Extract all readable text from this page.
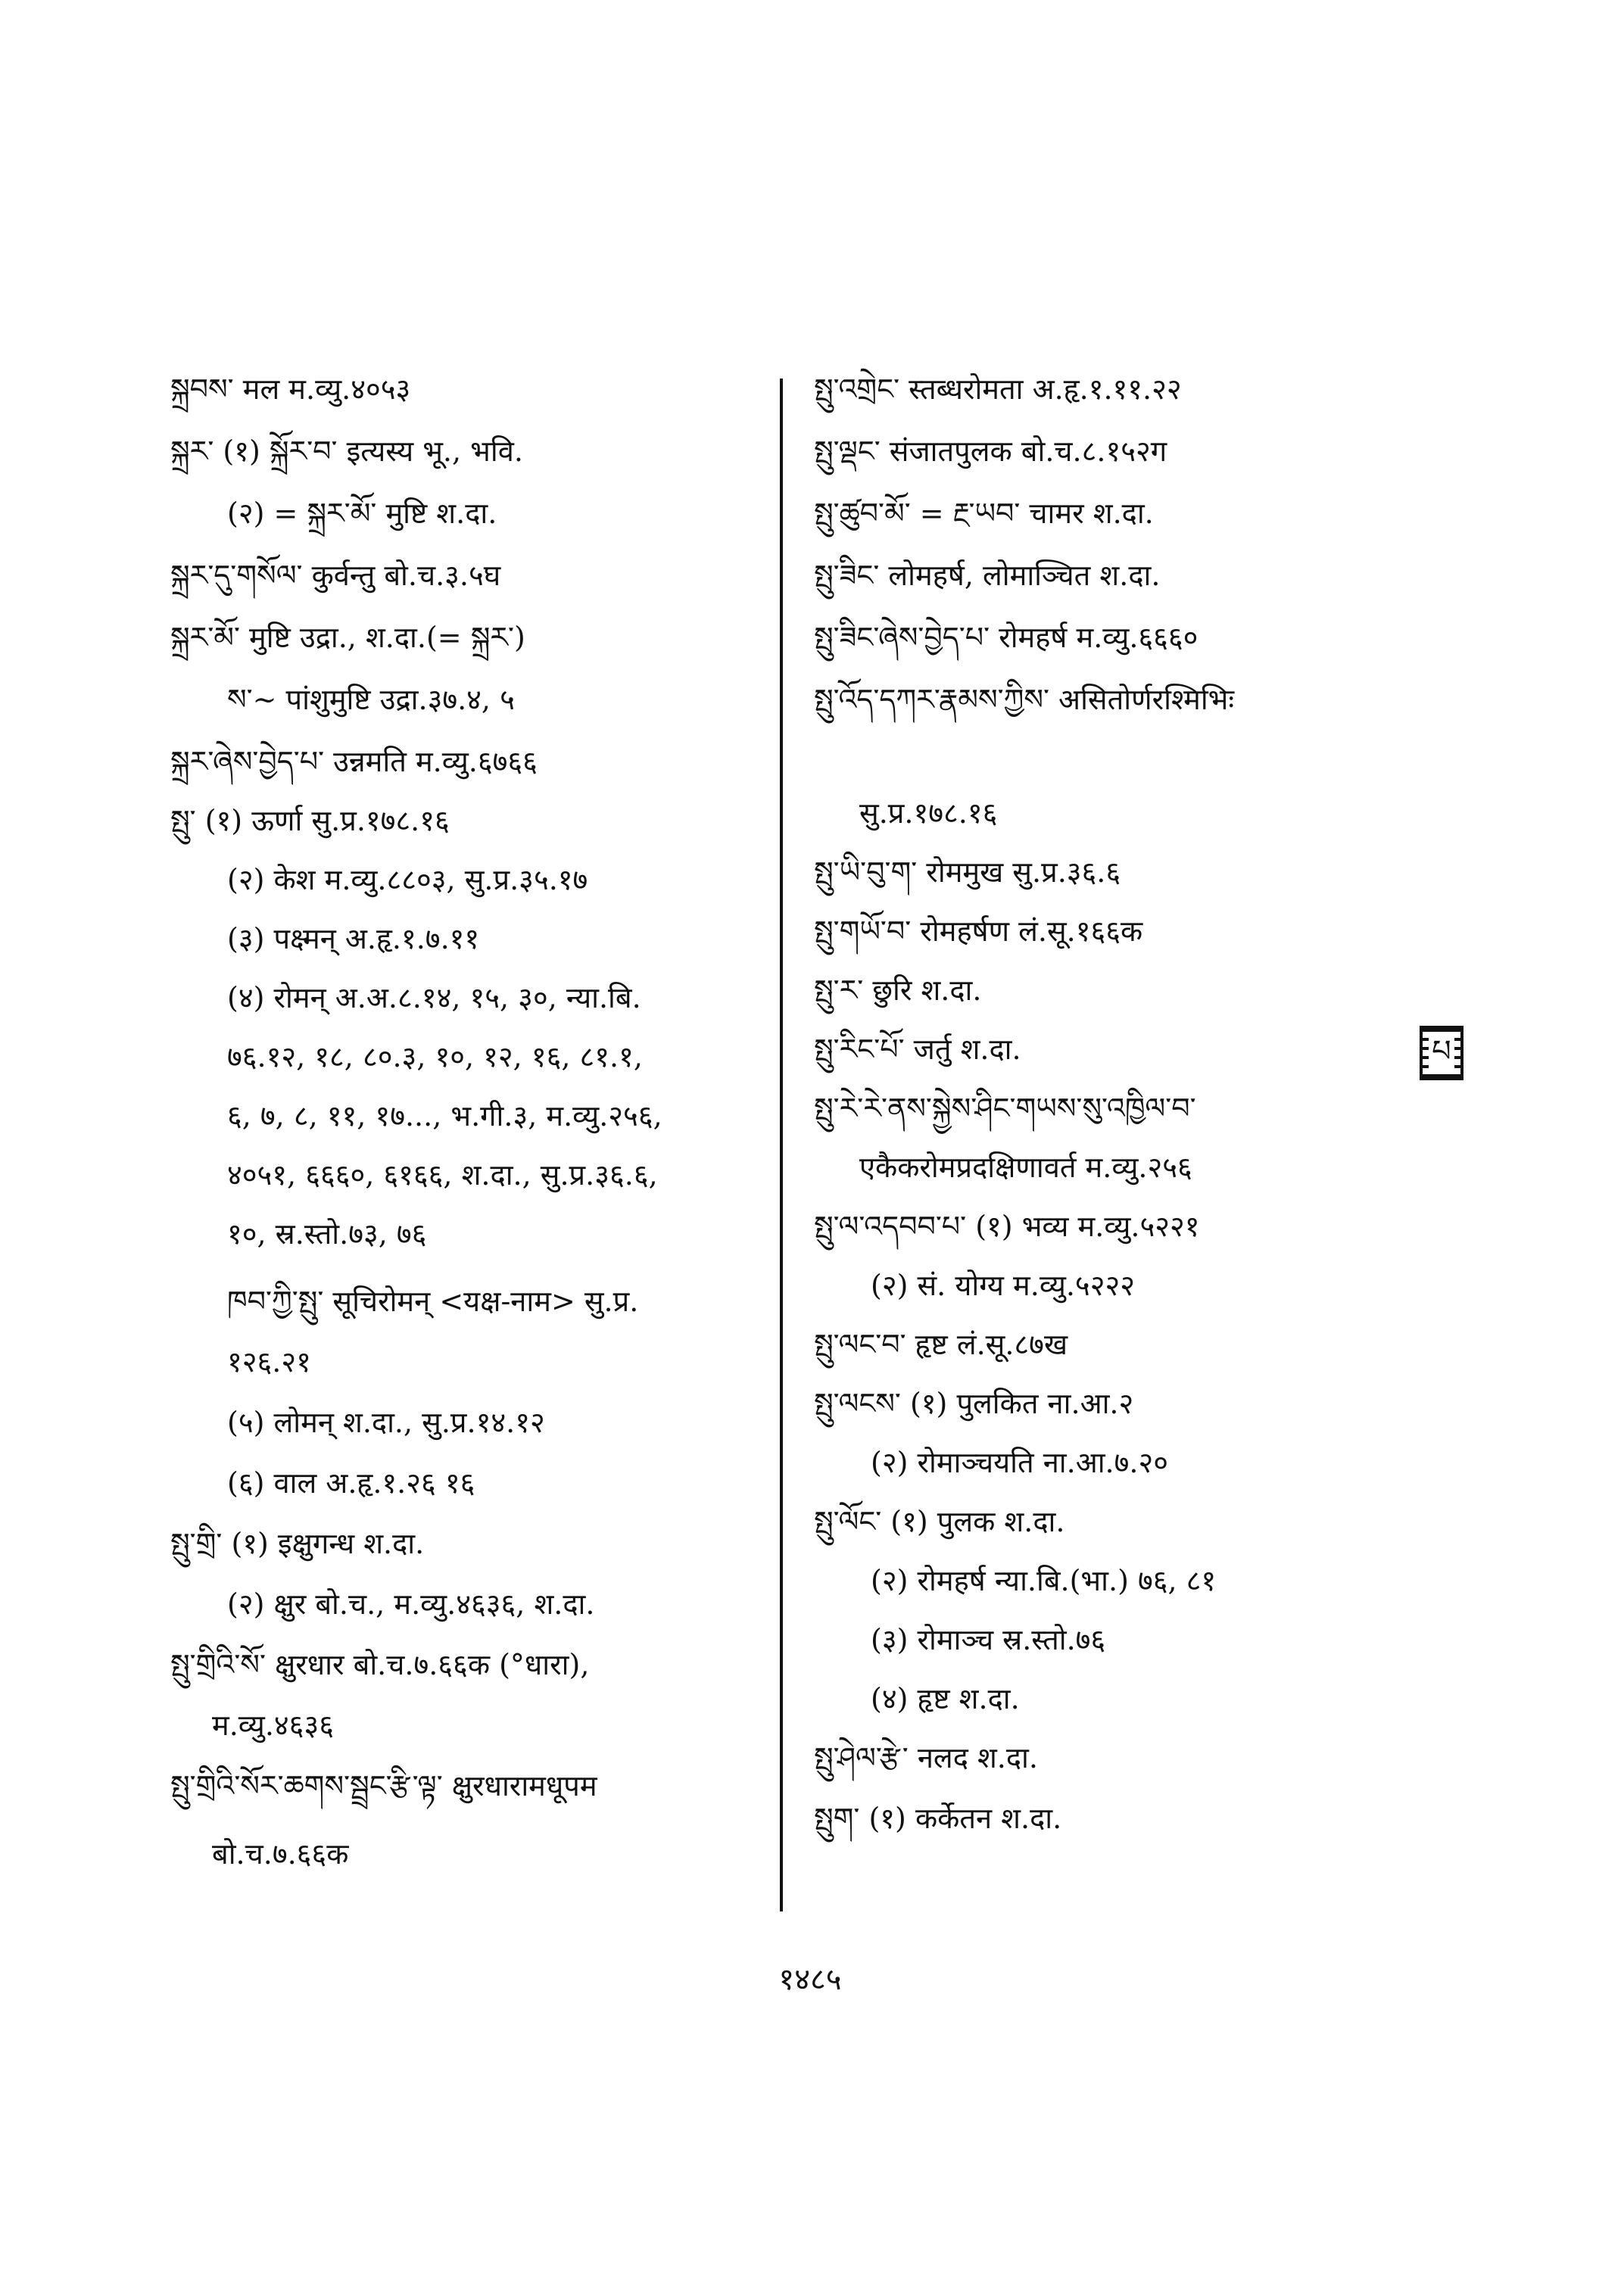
སྐྲབས་ मल म.व्यु.४०५३
སྐྲར་ (१) སྐྲོར་བ་ इत्यस्य भू., भवि.
(२) = སྐྲར་མོ་ मुष्टि श.दा.
སྐྲར་དུ་གསོལ་ कुर्वन्तु बो.च.३.५घ
སྐྲར་མོ་ मुष्टि उद्रा., श.दा.(= སྐྲར་)
ས་~ पांशुमुष्टि उद्रा.३७.४, ५
སྐྲར་ཞེས་བྱེད་པ་ उन्नमति म.व्यु.६७६६
སྤུ་ (१) ऊर्णा सु.प्र.१७८.१६
(२) केश म.व्यु.८८०३, सु.प्र.३५.१७
(३) पक्ष्मन् अ.हृ.१.७.११
(४) रोमन् अ.अ.८.१४, १५, ३०, न्या.बि.
७६.१२, १८, ८०.३, १०, १२, १६, ८१.१,
६, ७, ८, ११, १७..., भ.गी.३, म.व्यु.२५६,
४०५१, ६६६०, ६१६६, श.दा., सु.प्र.३६.६,
१०, स्र.स्तो.७३, ७६
ཁབ་ཀྱི་སྤུ་ सूचिरोमन् <यक्ष-नाम> सु.प्र.
१२६.२१
(५) लोमन् श.दा., सु.प्र.१४.१२
(६) वाल अ.हृ.१.२६ १६
སྤུ་གྲི་ (१) इक्षुगन्ध श.दा.
(२) क्षुर बो.च., म.व्यु.४६३६, श.दा.
སྤུ་གྲིའི་སོ་ क्षुरधार बो.च.७.६६क (°धारा),
म.व्यु.४६३६
སྤུ་གྲིའི་སོར་ཆགས་སྦྲང་རྩི་ལྟ་ क्षुरधारामधूपम
बो.च.७.६६क
སྤུ་འགྲེང་ स्तब्धरोमता अ.हृ.१.११.२२
སྤུ་ལྡང་ संजातपुलक बो.च.८.१५२ग
སྤུ་ཚུབ་མོ་ = རྔ་ཡབ་ चामर श.दा.
སྤུ་ཟིང་ लोमहर्ष, लोमाञ्चित श.दा.
སྤུ་ཟིང་ཞེས་བྱེད་པ་ रोमहर्ष म.व्यु.६६६०
སྤུ་འོད་དཀར་རྣམས་ཀྱིས་ असितोर्णरश्मिभिः
सु.प्र.१७८.१६
སྤུ་ཡི་བུ་ག་ रोममुख सु.प्र.३६.६
སྤུ་གཡོ་བ་ रोमहर्षण लं.सू.१६६क
སྤུ་ར་ छुरि श.दा.
སྤུ་རིང་པོ་ जर्तु श.दा.
སྤུ་རེ་རེ་ནས་སྐྱེས་ཤིང་གཡས་སུ་འཁྱིལ་བ་
एकैकरोमप्रदक्षिणावर्त म.व्यु.२५६
སྤུ་ལ་འདབབ་པ་ (१) भव्य म.व्यु.५२२१
(२) सं. योग्य म.व्यु.५२२२
སྤུ་ལང་བ་ हृष्ट लं.सू.८७ख
སྤུ་ལངས་ (१) पुलकित ना.आ.२
(२) रोमाञ्चयति ना.आ.७.२०
སྤུ་ལོང་ (१) पुलक श.दा.
(२) रोमहर्ष न्या.बि.(भा.) ७६, ८१
(३) रोमाञ्च स्र.स्तो.७६
(४) हृष्ट श.दा.
སྤུ་ཤེལ་རྩེ་ नलद श.दा.
སྤུག་ (१) कर्केतन श.दा.
པ
१४८५
